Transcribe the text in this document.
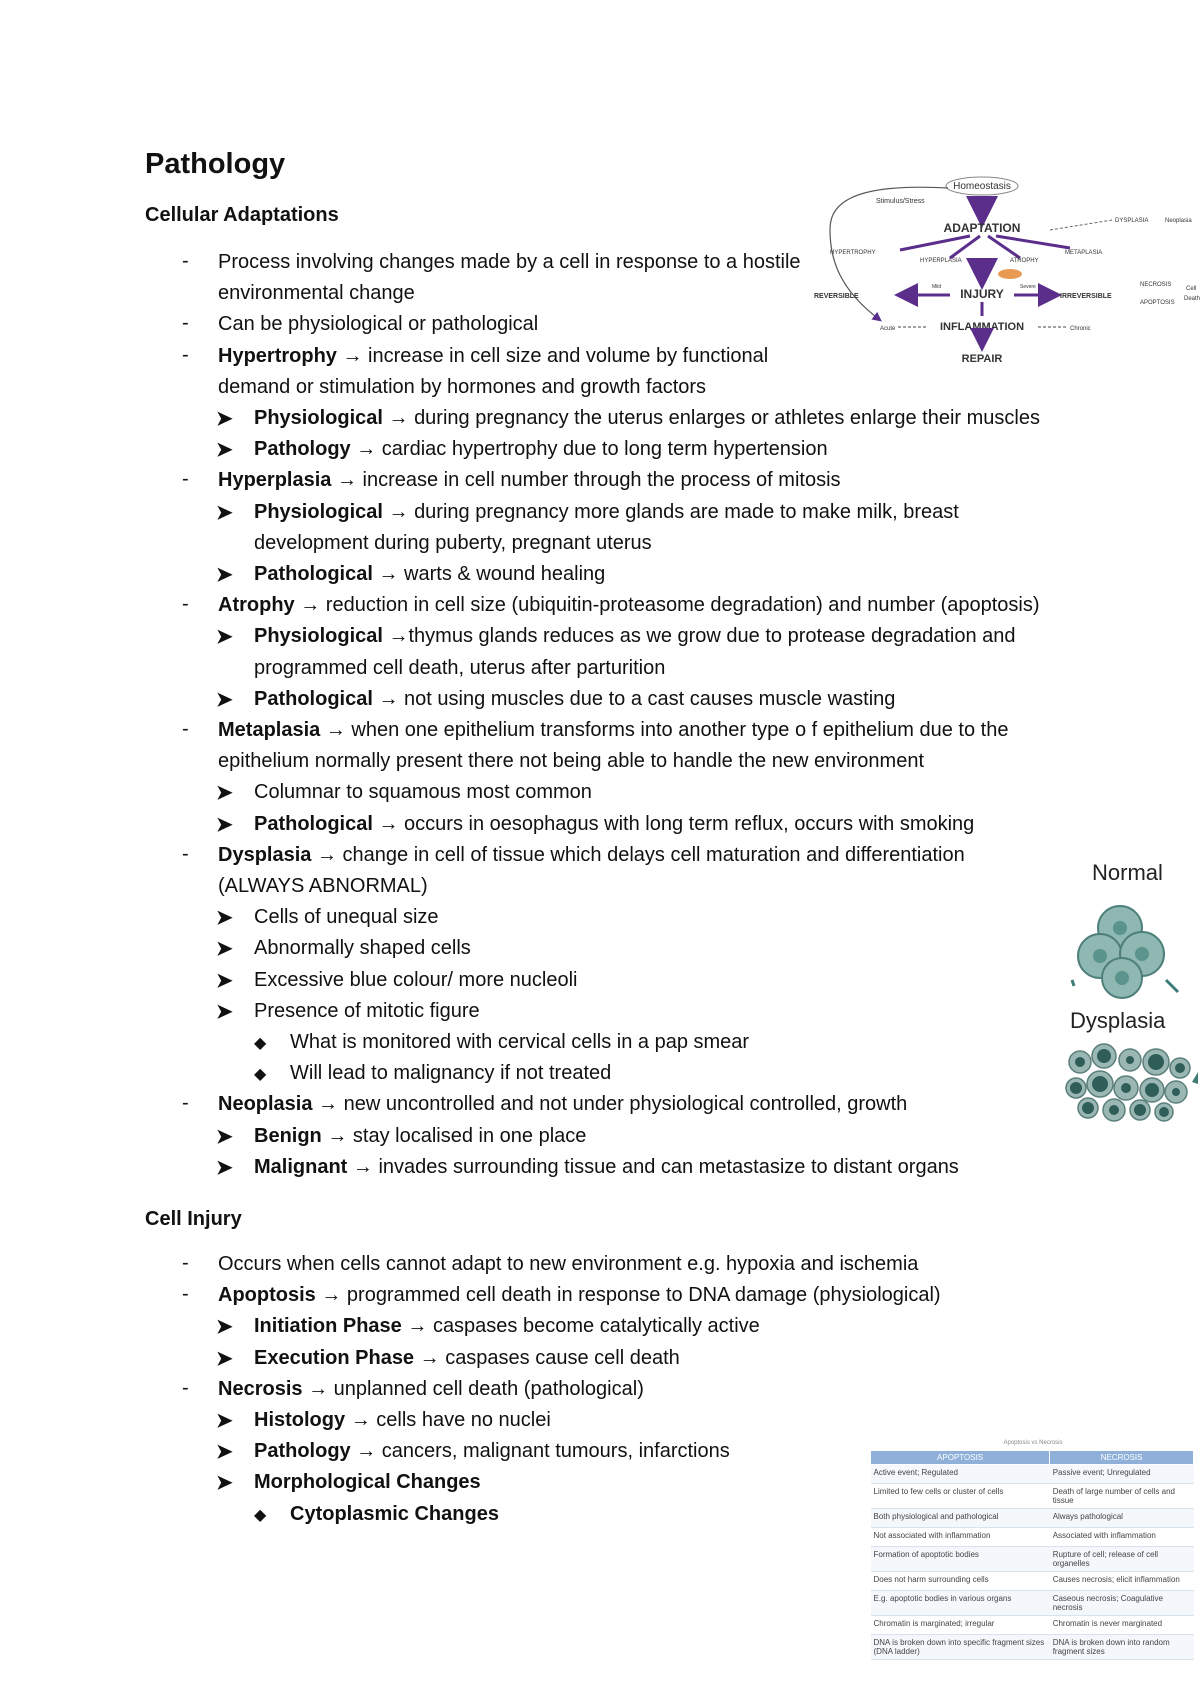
Pathology
Cellular Adaptations
- Process involving changes made by a cell in response to a hostile
environmental change
- Can be physiological or pathological
- Hypertrophy → increase in cell size and volume by functional
demand or stimulation by hormones and growth factors
➤ Physiological → during pregnancy the uterus enlarges or athletes enlarge their muscles
➤ Pathology → cardiac hypertrophy due to long term hypertension
- Hyperplasia → increase in cell number through the process of mitosis
➤ Physiological → during pregnancy more glands are made to make milk, breast
development during puberty, pregnant uterus
➤ Pathological → warts & wound healing
- Atrophy → reduction in cell size (ubiquitin-proteasome degradation) and number (apoptosis)
➤ Physiological →thymus glands reduces as we grow due to protease degradation and
programmed cell death, uterus after parturition
➤ Pathological → not using muscles due to a cast causes muscle wasting
- Metaplasia → when one epithelium transforms into another type o f epithelium due to the
epithelium normally present there not being able to handle the new environment
➤ Columnar to squamous most common
➤ Pathological → occurs in oesophagus with long term reflux, occurs with smoking
- Dysplasia → change in cell of tissue which delays cell maturation and differentiation
(ALWAYS ABNORMAL)
➤ Cells of unequal size
➤ Abnormally shaped cells
➤ Excessive blue colour/ more nucleoli
➤ Presence of mitotic figure
◆ What is monitored with cervical cells in a pap smear
◆ Will lead to malignancy if not treated
- Neoplasia → new uncontrolled and not under physiological controlled, growth
➤ Benign → stay localised in one place
➤ Malignant → invades surrounding tissue and can metastasize to distant organs
Cell Injury
- Occurs when cells cannot adapt to new environment e.g. hypoxia and ischemia
- Apoptosis → programmed cell death in response to DNA damage (physiological)
➤ Initiation Phase → caspases become catalytically active
➤ Execution Phase → caspases cause cell death
- Necrosis → unplanned cell death (pathological)
➤ Histology → cells have no nuclei
➤ Pathology → cancers, malignant tumours, infarctions
➤ Morphological Changes
◆ Cytoplasmic Changes
Homeostasis
Stimulus/Stress
ADAPTATION
HYPERTROPHY
HYPERPLASIA	ATROPHY
METAPLASIA
DYSPLASIA	Neoplasia
INJURY
Mild	Severe
REVERSIBLE	IRREVERSIBLE
NECROSIS
APOPTOSIS
Cell
Death
Acute	INFLAMMATION	Chronic
REPAIR
Normal
Dysplasia
Apoptosis vs Necrosis
APOPTOSIS	NECROSIS
Active event; Regulated	Passive event; Unregulated
Limited to few cells or cluster of cells	Death of large number of cells and tissue
Both physiological and pathological	Always pathological
Not associated with inflammation	Associated with inflammation
Formation of apoptotic bodies	Rupture of cell; release of cell organelles
Does not harm surrounding cells	Causes necrosis; elicit inflammation
E.g. apoptotic bodies in various organs	Caseous necrosis; Coagulative necrosis
Chromatin is marginated; irregular	Chromatin is never marginated
DNA is broken down into specific fragment sizes (DNA ladder)	DNA is broken down into random fragment sizes
